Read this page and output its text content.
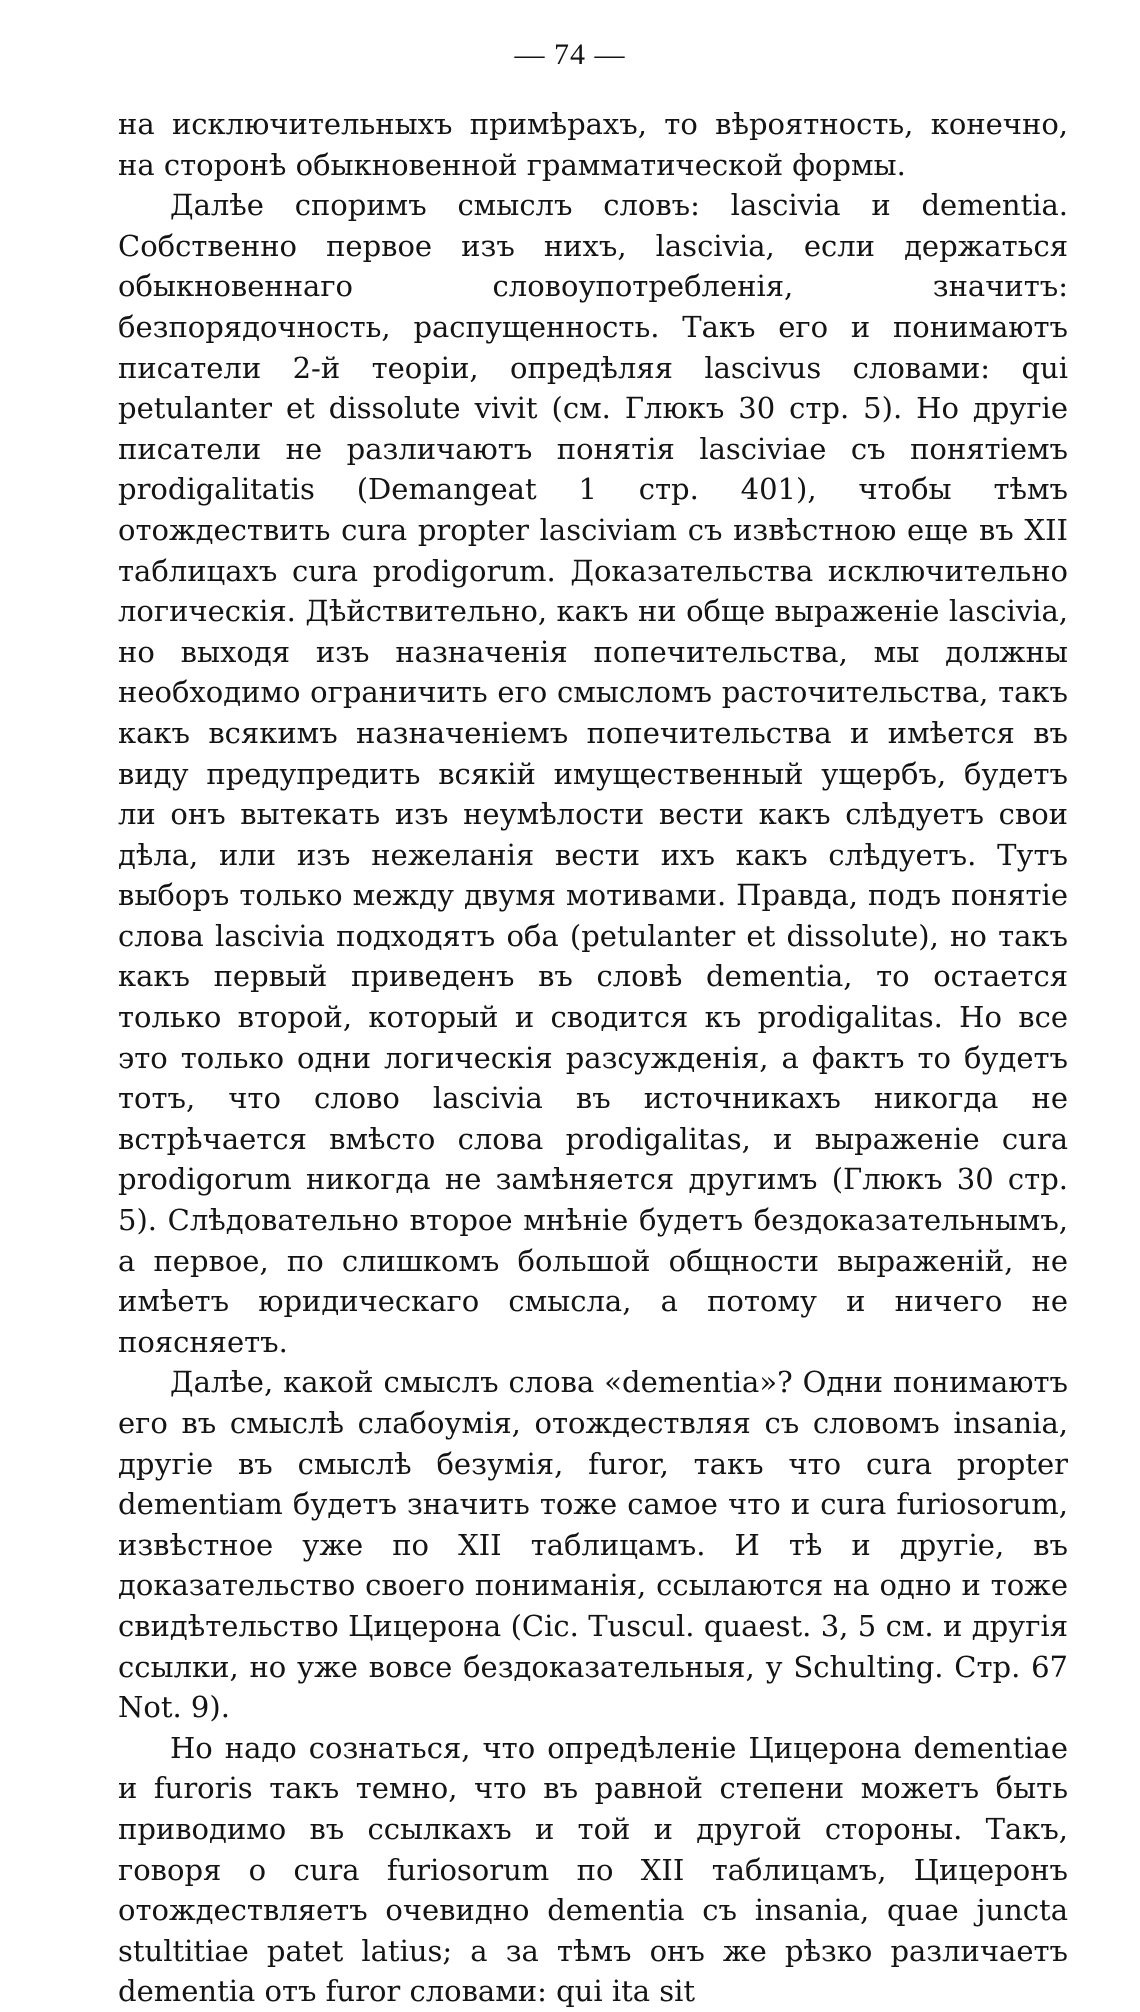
— 74 —

на исключительныхъ примѣрахъ, то вѣроятность, конечно, на сторонѣ обыкновенной грамматической формы.

Далѣе споримъ смыслъ словъ: lascivia и dementia. Собственно первое изъ нихъ, lascivia, если держаться обыкновеннаго словоупотребленія, значитъ: безпорядочность, распущенность. Такъ его и понимаютъ писатели 2-й теоріи, опредѣляя lascivus словами: qui petulanter et dissolute vivit (см. Глюкъ 30 стр. 5). Но другіе писатели не различаютъ понятія lasciviae съ понятіемъ prodigalitatis (Demangeat 1 стр. 401), чтобы тѣмъ отождествить cura propter lasciviam съ извѣстною еще въ XII таблицахъ cura prodigorum. Доказательства исключительно логическія. Дѣйствительно, какъ ни обще выраженіе lascivia, но выходя изъ назначенія попечительства, мы должны необходимо ограничить его смысломъ расточительства, такъ какъ всякимъ назначеніемъ попечительства и имѣется въ виду предупредить всякій имущественный ущербъ, будетъ ли онъ вытекать изъ неумѣлости вести какъ слѣдуетъ свои дѣла, или изъ нежеланія вести ихъ какъ слѣдуетъ. Тутъ выборъ только между двумя мотивами. Правда, подъ понятіе слова lascivia подходятъ оба (petulanter et dissolute), но такъ какъ первый приведенъ въ словѣ dementia, то остается только второй, который и сводится къ prodigalitas. Но все это только одни логическія разсужденія, а фактъ то будетъ тотъ, что слово lascivia въ источникахъ никогда не встрѣчается вмѣсто слова prodigalitas, и выраженіе cura prodigorum никогда не замѣняется другимъ (Глюкъ 30 стр. 5). Слѣдовательно второе мнѣніе будетъ бездоказательнымъ, а первое, по слишкомъ большой общности выраженій, не имѣетъ юридическаго смысла, а потому и ничего не поясняетъ.

Далѣе, какой смыслъ слова «dementia»? Одни понимаютъ его въ смыслѣ слабоумія, отождествляя съ словомъ insania, другіе въ смыслѣ безумія, furor, такъ что cura propter dementiam будетъ значить тоже самое что и cura furiosorum, извѣстное уже по XII таблицамъ. И тѣ и другіе, въ доказательство своего пониманія, ссылаются на одно и тоже свидѣтельство Цицерона (Cic. Tuscul. quaest. 3, 5 см. и другія ссылки, но уже вовсе бездоказательныя, у Schulting. Стр. 67 Not. 9).

Но надо сознаться, что опредѣленіе Цицерона dementiae и furoris такъ темно, что въ равной степени можетъ быть приводимо въ ссылкахъ и той и другой стороны. Такъ, говоря о cura furiosorum по XII таблицамъ, Цицеронъ отождествляетъ очевидно dementia съ insania, quae juncta stultitiae patet latius; а за тѣмъ онъ же рѣзко различаетъ dementia отъ furor словами: qui ita sit
